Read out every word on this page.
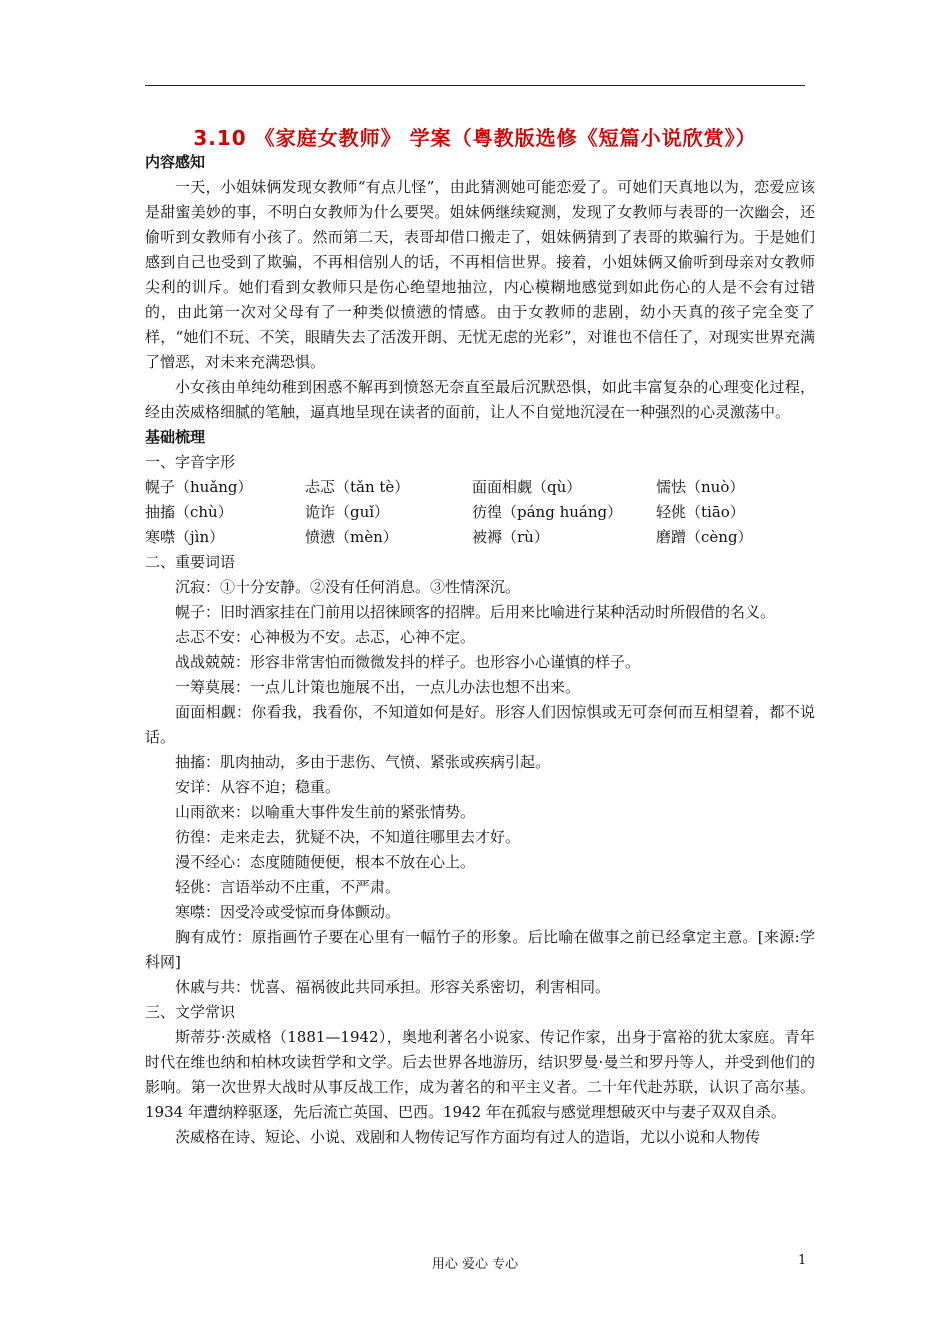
3.10 《家庭女教师》 学案（粤教版选修《短篇小说欣赏》）
内容感知

一天，小姐妹俩发现女教师“有点儿怪”，由此猜测她可能恋爱了。可她们天真地以为，恋爱应该是甜蜜美妙的事，不明白女教师为什么要哭。姐妹俩继续窥测，发现了女教师与表哥的一次幽会，还偷听到女教师有小孩了。然而第二天，表哥却借口搬走了，姐妹俩猜到了表哥的欺骗行为。于是她们感到自己也受到了欺骗，不再相信别人的话，不再相信世界。接着，小姐妹俩又偷听到母亲对女教师尖利的训斥。她们看到女教师只是伤心绝望地抽泣，内心模糊地感觉到如此伤心的人是不会有过错的，由此第一次对父母有了一种类似愤懑的情感。由于女教师的悲剧，幼小天真的孩子完全变了样，“她们不玩、不笑，眼睛失去了活泼开朗、无忧无虑的光彩”，对谁也不信任了，对现实世界充满了憎恶，对未来充满恐惧。

小女孩由单纯幼稚到困惑不解再到愤怒无奈直至最后沉默恐惧，如此丰富复杂的心理变化过程，经由茨威格细腻的笔触，逼真地呈现在读者的面前，让人不自觉地沉浸在一种强烈的心灵激荡中。

基础梳理

一、字音字形

幌子（huǎng）	忐忑（tǎn tè）	面面相觑（qù）	懦怯（nuò）
抽搐（chù）	诡诈（guǐ）	彷徨（páng huáng）	轻佻（tiāo）
寒噤（jìn）	愤懑（mèn）	被褥（rù）	磨蹭（cèng）

二、重要词语

沉寂：①十分安静。②没有任何消息。③性情深沉。

幌子：旧时酒家挂在门前用以招徕顾客的招牌。后用来比喻进行某种活动时所假借的名义。

忐忑不安：心神极为不安。忐忑，心神不定。

战战兢兢：形容非常害怕而微微发抖的样子。也形容小心谨慎的样子。

一筹莫展：一点儿计策也施展不出，一点儿办法也想不出来。

面面相觑：你看我，我看你，不知道如何是好。形容人们因惊惧或无可奈何而互相望着，都不说话。

抽搐：肌肉抽动，多由于悲伤、气愤、紧张或疾病引起。

安详：从容不迫；稳重。

山雨欲来：以喻重大事件发生前的紧张情势。

彷徨：走来走去，犹疑不决，不知道往哪里去才好。

漫不经心：态度随随便便，根本不放在心上。

轻佻：言语举动不庄重，不严肃。

寒噤：因受冷或受惊而身体颤动。

胸有成竹：原指画竹子要在心里有一幅竹子的形象。后比喻在做事之前已经拿定主意。[来源:学科网]

休戚与共：忧喜、福祸彼此共同承担。形容关系密切，利害相同。

三、文学常识

斯蒂芬·茨威格（1881—1942），奥地利著名小说家、传记作家，出身于富裕的犹太家庭。青年时代在维也纳和柏林攻读哲学和文学。后去世界各地游历，结识罗曼·曼兰和罗丹等人，并受到他们的影响。第一次世界大战时从事反战工作，成为著名的和平主义者。二十年代赴苏联，认识了高尔基。1934 年遭纳粹驱逐，先后流亡英国、巴西。1942 年在孤寂与感觉理想破灭中与妻子双双自杀。

茨威格在诗、短论、小说、戏剧和人物传记写作方面均有过人的造诣，尤以小说和人物传

用心 爱心 专心	1
